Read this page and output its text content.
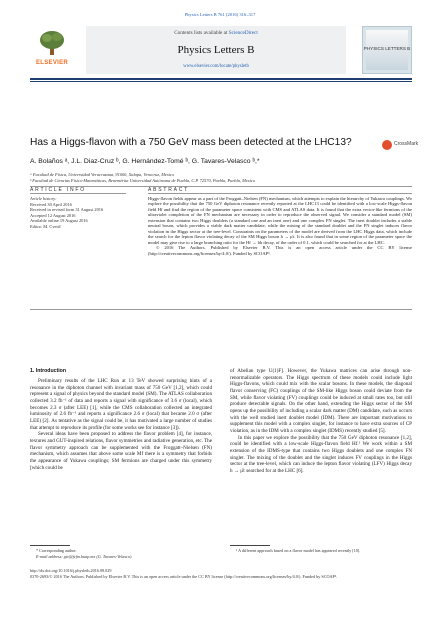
Physics Letters B 761 (2016) 316–317
ELSEVIER
Contents lists available at ScienceDirect
Physics Letters B
www.elsevier.com/locate/physletb
PHYSICS LETTERS B
Has a Higgs-flavon with a 750 GeV mass been detected at the LHC13?	CrossMark
A. Bolaños ᵃ, J.L. Diaz-Cruz ᵇ, G. Hernández-Tomé ᵇ, G. Tavares-Velasco ᵇ,*
ᵃ Facultad de Física, Universidad Veracruzana, 91000, Xalapa, Veracruz, Mexico
ᵇ Facultad de Ciencias Físico-Matemáticas, Benemérita Universidad Autónoma de Puebla, C.P. 72570, Puebla, Puebla, Mexico
ARTICLE INFO
Article history:
Received 30 April 2016
Received in revised form 31 August 2016
Accepted 12 August 2016
Available online 19 August 2016
Editor: M. Cvetič
ABSTRACT

Higgs-flavon fields appear as a part of the Froggatt–Nielsen (FN) mechanism, which attempts to explain the hierarchy of Yukawa couplings. We explore the possibility that the 750 GeV diphoton resonance recently reported at the LHC13 could be identified with a low-scale Higgs-flavon field Hf and find the region of the parameter space consistent with CMS and ATLAS data. It is found that the extra vector-like fermions of the ultraviolet completion of the FN mechanism are necessary in order to reproduce the observed signal. We consider a standard model (SM) extension that contains two Higgs doublets (a standard one and an inert one) and one complex FN singlet. The inert doublet includes a stable neutral boson, which provides a viable dark matter candidate, while the mixing of the standard doublet and the FN singlet induces flavor violation in the Higgs sector at the tree-level. Constraints on the parameters of the model are derived from the LHC Higgs data, which include the search for the lepton flavor violating decay of the SM Higgs boson h → μ̄τ. It is also found that in some region of the parameter space the model may give rise to a large branching ratio for the Hf → hh decay, of the order of 0.1, which could be searched for at the LHC.

© 2016 The Authors. Published by Elsevier B.V. This is an open access article under the CC BY license (http://creativecommons.org/licenses/by/4.0/). Funded by SCOAP³.

1. Introduction

Preliminary results of the LHC Run at 13 TeV showed surprising hints of a resonance in the diphoton channel with invariant mass of 750 GeV [1,2], which could represent a signal of physics beyond the standard model (SM). The ATLAS collaboration collected 3.2 fb⁻¹ of data and reports a signal with significance of 3.6 σ (local), which becomes 2.3 σ (after LEE) [1], while the CMS collaboration collected an integrated luminosity of 2.6 fb⁻¹ and reports a significance 2.6 σ (local) that became 2.0 σ (after LEE) [2]. As tentative as the signal could be, it has motivated a large number of studies that attempt to reproduce its profile (for some works see for instance [3]).

Several ideas have been proposed to address the flavor problem [4], for instance, textures and GUT-inspired relations, flavor symmetries and radiative generation, etc. The flavor symmetry approach can be supplemented with the Froggatt–Nielsen (FN) mechanism, which assumes that above some scale Mf there is a symmetry that forbids the appearance of Yukawa couplings; SM fermions are charged under this symmetry [which could be

of Abelian type U(1)F]. However, the Yukawa matrices can arise through non-renormalizable operators. The Higgs spectrum of these models could include light Higgs-flavons, which could mix with the scalar bosons. In these models, the diagonal flavor conserving (FC) couplings of the SM-like Higgs boson could deviate from the SM, while flavor violating (FV) couplings could be induced at small rates too, but still produce detectable signals. On the other hand, extending the Higgs sector of the SM opens up the possibility of including a scalar dark matter (DM) candidate, such as occurs with the well studied inert doublet model (IDM). There are important motivations to supplement this model with a complex singlet, for instance to have extra sources of CP violation, as in the IDM with a complex singlet (IDMS) recently studied [5].

In this paper we explore the possibility that the 750 GeV diphoton resonance [1,2], could be identified with a low-scale Higgs-flavon field Hf.¹ We work within a SM extension of the IDMS-type that contains two Higgs doublets and one complex FN singlet. The mixing of the doublet and the singlet induces FV couplings in the Higgs sector at the tree-level, which can induce the lepton flavor violating (LFV) Higgs decay h → μ̄τ searched for at the LHC [6].

* Corresponding author.
E-mail address: gtv@fcfm.buap.mx (G. Tavares-Velasco).
¹ A different approach based on a flavor model has appeared recently [10].
http://dx.doi.org/10.1016/j.physletb.2016.08.029
0370-2693/© 2016 The Authors. Published by Elsevier B.V. This is an open access article under the CC BY license (http://creativecommons.org/licenses/by/4.0/). Funded by SCOAP³.
